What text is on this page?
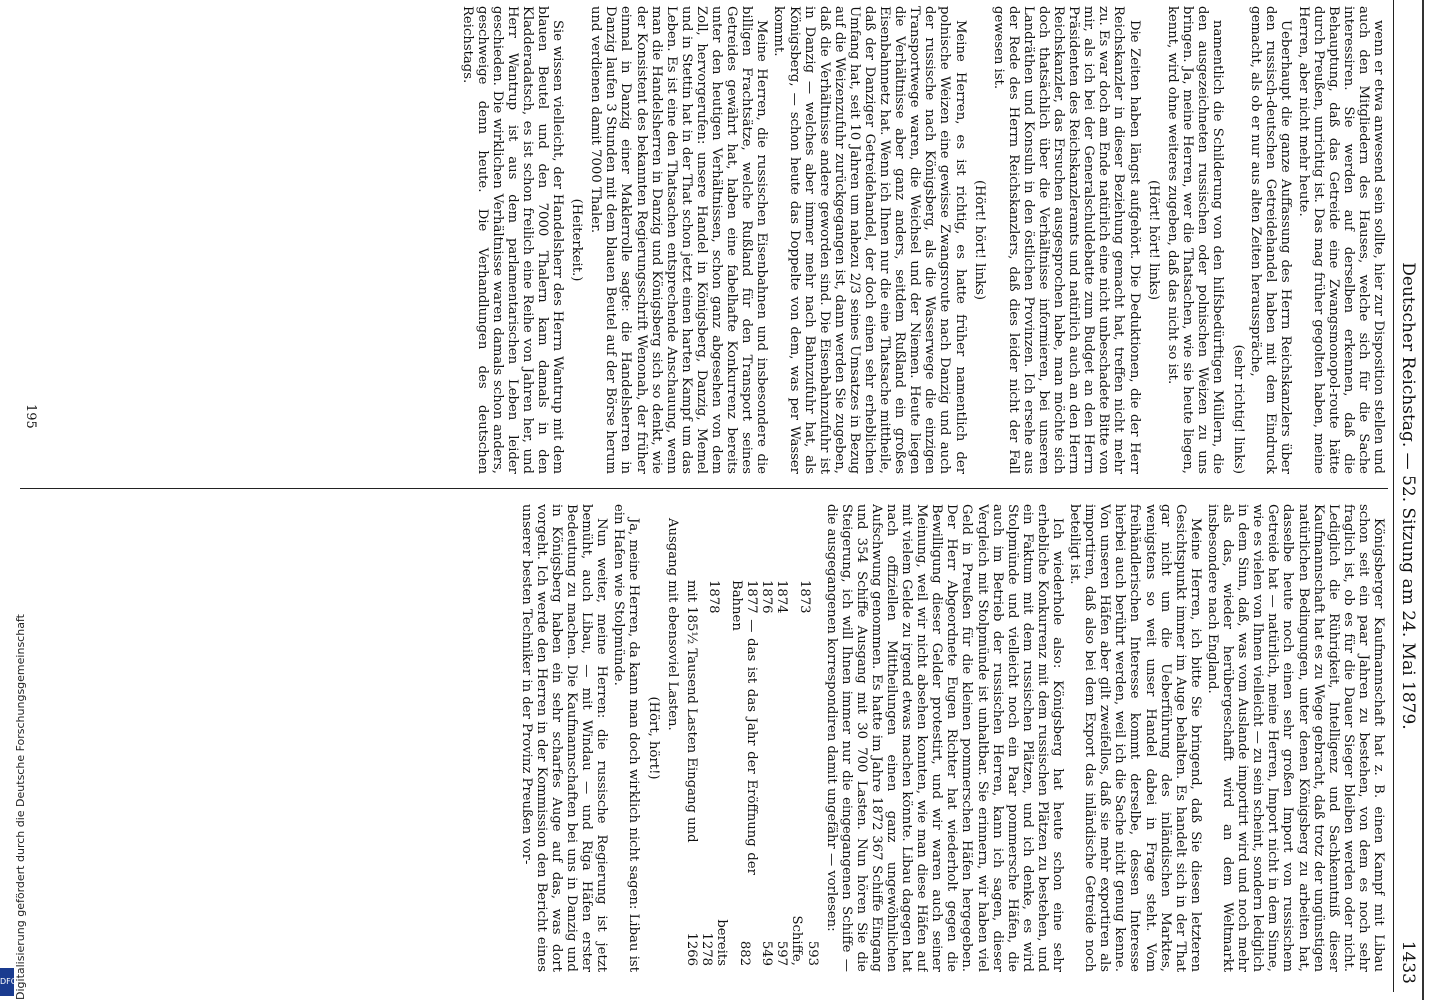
Deutscher Reichstag. — 52. Sitzung am 24. Mai 1879.
1433

wenn er etwa anwesend sein sollte, hier zur Disposition stellen und auch den Mitgliedern des Hauses, welche sich für die Sache interessiren. Sie werden auf derselben erkennen, daß die Behauptung, daß das Getreide eine Zwangsmonopol-route hätte durch Preußen, unrichtig ist. Das mag früher gegolten haben, meine Herren, aber nicht mehr heute.

Ueberhaupt die ganze Auffassung des Herrn Reichskanzlers über den russisch-deutschen Getreidehandel haben mit dem Eindruck gemacht, als ob er nur aus alten Zeiten herausspräche,

(sehr richtig! links)

namentlich die Schilderung von den hilfsbedürftigen Müllern, die den ausgezeichneten russischen oder polnischen Weizen zu uns bringen. Ja, meine Herren, wer die Thatsachen, wie sie heute liegen, kennt, wird ohne weiteres zugeben, daß das nicht so ist.

(Hört! hört! links)

Die Zeiten haben längst aufgehört. Die Deduktionen, die der Herr Reichskanzler in dieser Beziehung gemacht hat, treffen nicht mehr zu. Es war doch am Ende natürlich eine nicht unbeschadete Bitte von mir, als ich bei der Generalschuldebatte zum Budget an den Herrn Präsidenten des Reichskanzleramts und natürlich auch an den Herrn Reichskanzler, das Ersuchen ausgesprochen habe, man möchte sich doch thatsächlich über die Verhältnisse informieren, bei unseren Landräthen und Konsuln in den östlichen Provinzen. Ich ersehe aus der Rede des Herrn Reichskanzlers, daß dies leider nicht der Fall gewesen ist.

(Hört! hört! links)

Meine Herren, es ist richtig, es hatte früher namentlich der polnische Weizen eine gewisse Zwangsroute nach Danzig und auch der russische nach Königsberg, als die Wasserwege die einzigen Transportwege waren, die Weichsel und der Niemen. Heute liegen die Verhältnisse aber ganz anders, seitdem Rußland ein großes Eisenbahnnetz hat. Wenn ich Ihnen nur die eine Thatsache mittheile, daß der Danziger Getreidehandel, der doch einen sehr erheblichen Umfang hat, seit 10 Jahren um nahezu 2/3 seines Umsatzes in Bezug auf die Weizenzufuhr zurückgegangen ist, dann werden Sie zugeben, daß die Verhältnisse andere geworden sind. Die Eisenbahnzufuhr ist in Danzig — welches aber immer mehr nach Bahnzufuhr hat, als Königsberg, — schon heute das Doppelte von dem, was per Wasser kommt.

Meine Herren, die russischen Eisenbahnen und insbesondere die billigen Frachtsätze, welche Rußland für den Transport seines Getreides gewährt hat, haben eine fabelhafte Konkurrenz bereits unter den heutigen Verhältnissen, schon ganz abgesehen von dem Zoll, hervorgerufen: unsere Handel in Königsberg, Danzig, Memel und in Stettin hat in der That schon jetzt einen harten Kampf um das Leben. Es ist eine den Thatsachen entsprechende Anschauung, wenn man die Handelsherren in Danzig und Königsberg sich so denkt, wie der Konsistent des bekannten Regierungsschrift Wenonah, der früher einmal in Danzig einer Maklerrolle sagte: die Handelsherren in Danzig laufen 3 Stunden mit dem blauen Beutel auf der Börse herum und verdienen damit 7000 Thaler.

(Heiterkeit.)

Sie wissen vielleicht, der Handelsherr des Herrn Wantrup mit dem blauen Beutel und den 7000 Thalern kam damals in den Kladderadatsch, es ist schon freilich eine Reihe von Jahren her, und Herr Wantrup ist aus dem parlamentarischen Leben leider geschieden. Die wirklichen Verhältnisse waren damals schon anders, geschweige denn heute. Die Verhandlungen des deutschen Reichstags.

Königsberger Kaufmannschaft hat z. B. einen Kampf mit Libau schon seit ein paar Jahren zu bestehen, von dem es noch sehr fraglich ist, ob es für die Dauer Sieger bleiben werden oder nicht. Lediglich die Rührigkeit, Intelligenz und Sachkenntniß dieser Kaufmannschaft hat es zu Wege gebracht, daß trotz der ungünstigen natürlichen Bedingungen, unter denen Königsberg zu arbeiten hat, dasselbe heute noch einen sehr großen Import von russischem Getreide hat — natürlich, meine Herren, Import nicht in dem Sinne, wie es vielen von Ihnen vielleicht — zu sein scheint, sondern lediglich in dem Sinn, daß, was vom Auslande importirt wird und noch mehr als das, wieder herübergeschafft wird an dem Weltmarkt insbesondere nach England.

Meine Herren, ich bitte Sie bringend, daß Sie diesen letzteren Gesichtspunkt immer im Auge behalten. Es handelt sich in der That gar nicht um die Ueberführung des inländischen Marktes, wenigstens so weit unser Handel dabei in Frage steht. Vom freihändlerischen Interesse kommt derselbe, dessen Interesse hierbei auch berührt werden, weil ich die Sache nicht genug kenne. Von unseren Häfen aber gilt zweifellos, daß sie mehr exportiren als importiren, daß also bei dem Export das inländische Getreide noch beteiligt ist.

Ich wiederhole also: Königsberg hat heute schon eine sehr erhebliche Konkurrenz mit dem russischen Plätzen zu bestehen, und ein Faktum mit dem russischen Plätzen, und ich denke, es wird Stolpmünde und vielleicht noch ein Paar pommersche Häfen, die auch im Betrieb der russischen Herren, kann ich sagen, dieser Vergleich mit Stolpmünde ist unhaltbar. Sie erinnern, wir haben viel Geld in Preußen für die kleinen pommerschen Häfen hergegeben. Der Herr Abgeordnete Eugen Richter hat wiederholt gegen die Bewilligung dieser Gelder protestirt, und wir waren auch seiner Meinung, weil wir nicht absehen konnten, wie man diese Häfen auf mit vielem Gelde zu irgend etwas machen könnte. Libau dagegen hat nach offiziellen Mittheilungen einen ganz ungewöhnlichen Aufschwung genommen. Es hatte im Jahre 1872 367 Schiffe Eingang und 354 Schiffe Ausgang mit 30 700 Lasten. Nun hören Sie die Steigerung, ich will Ihnen immer nur die eingegangenen Schiffe — die ausgegangenen korrespondiren damit ungefähr — vorlesen:

1873	593 Schiffe,
1874	597
1876	549
1877 — das ist das Jahr der Eröffnung der Bahnen	882
1878	bereits 1278
mit 185½ Tausend Lasten Eingang und	1266

Ausgang mit ebensoviel Lasten.

(Hört, hört!)

Ja, meine Herren, da kann man doch wirklich nicht sagen: Libau ist ein Hafen wie Stolpmünde.

Nun weiter, meine Herren: die russische Regierung ist jetzt bemüht, auch Libau, — mit Windau — und Riga Häfen erster Bedeutung zu machen. Die Kaufmannschaften bei uns in Danzig und in Königsberg haben ein sehr scharfes Auge auf das, was dort vorgeht. Ich werde den Herren in der Kommission den Bericht eines unserer besten Techniker in der Provinz Preußen vor-

195
Digitalisierung gefördert durch die Deutsche Forschungsgemeinschaft
DFG
